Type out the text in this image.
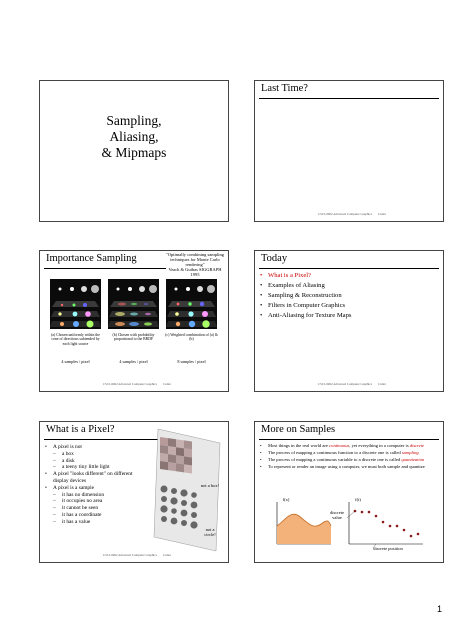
Sampling,
Aliasing,
& Mipmaps
Last Time?
CSCI-6962 Advanced Computer Graphics Cutler
Importance Sampling	"Optimally combining sampling techniques for Monte Carlo rendering"
Veach & Guibas SIGGRAPH 1995
(a) Chosen uniformly within the cone of directions subtended by each light source
(b) Chosen with probability proportional to the BRDF
(c) Weighted combination of (a) & (b)
4 samples / pixel	4 samples / pixel	8 samples / pixel
CSCI-6962 Advanced Computer Graphics Cutler
Today
• What is a Pixel?
• Examples of Aliasing
• Sampling & Reconstruction
• Filters in Computer Graphics
• Anti-Aliasing for Texture Maps
CSCI-6962 Advanced Computer Graphics Cutler
What is a Pixel?
• A pixel is not
– a box
– a disk
– a teeny tiny little light
• A pixel "looks different" on different display devices
• A pixel is a sample
– it has no dimension
– it occupies no area
– it cannot be seen
– it has a coordinate
– it has a value
not a box!
not a circle!
CSCI-6962 Advanced Computer Graphics Cutler
More on Samples
• Most things in the real world are continuous, yet everything in a computer is discrete
• The process of mapping a continuous function to a discrete one is called sampling
• The process of mapping a continuous variable to a discrete one is called quantization
• To represent or render an image using a computer, we must both sample and quantize
f(x)	f(t)
discrete value
discrete position
1
